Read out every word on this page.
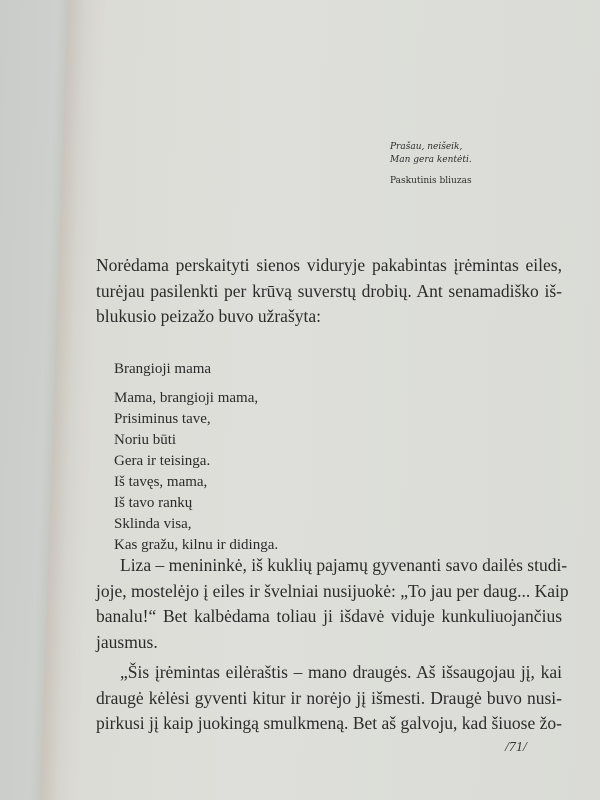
Prašau, neišeik,
Man gera kentėti.
Paskutinis bliuzas
Norėdama perskaityti sienos viduryje pakabintas įrėmintas eiles,
turėjau pasilenkti per krūvą suverstų drobių. Ant senamadiško iš-
blukusio peizažo buvo užrašyta:
Brangioji mama
Mama, brangioji mama,
Prisiminus tave,
Noriu būti
Gera ir teisinga.
Iš tavęs, mama,
Iš tavo rankų
Sklinda visa,
Kas gražu, kilnu ir didinga.
Liza – menininkė, iš kuklių pajamų gyvenanti savo dailės studi-
joje, mostelėjo į eiles ir švelniai nusijuokė: „To jau per daug... Kaip
banalu!“ Bet kalbėdama toliau ji išdavė viduje kunkuliuojančius
jausmus.
„Šis įrėmintas eilėraštis – mano draugės. Aš išsaugojau jį, kai
draugė kėlėsi gyventi kitur ir norėjo jį išmesti. Draugė buvo nusi-
pirkusi jį kaip juokingą smulkmeną. Bet aš galvoju, kad šiuose žo-
/71/
